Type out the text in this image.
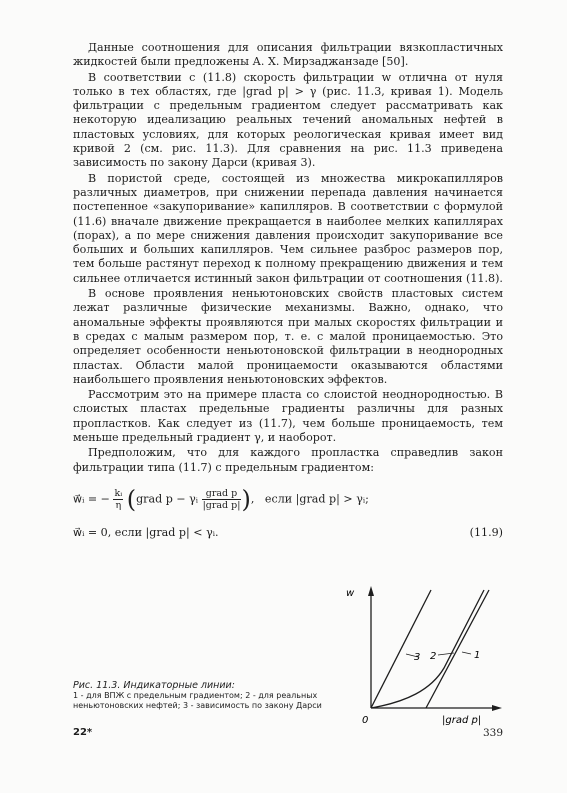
Данные соотношения для описания фильтрации вязкопластичных жидкостей были предложены А. Х. Мирзаджанзаде [50].

В соответствии с (11.8) скорость фильтрации w отлична от нуля только в тех областях, где |grad p| > γ (рис. 11.3, кривая 1). Модель фильтрации с предельным градиентом следует рассматривать как некоторую идеализацию реальных течений аномальных нефтей в пластовых условиях, для которых реологическая кривая имеет вид кривой 2 (см. рис. 11.3). Для сравнения на рис. 11.3 приведена зависимость по закону Дарси (кривая 3).

В пористой среде, состоящей из множества микрокапилляров различных диаметров, при снижении перепада давления начинается постепенное «закупоривание» капилляров. В соответствии с формулой (11.6) вначале движение прекращается в наиболее мелких капиллярах (порах), а по мере снижения давления происходит закупоривание все больших и больших капилляров. Чем сильнее разброс размеров пор, тем больше растянут переход к полному прекращению движения и тем сильнее отличается истинный закон фильтрации от соотношения (11.8).

В основе проявления неньютоновских свойств пластовых систем лежат различные физические механизмы. Важно, однако, что аномальные эффекты проявляются при малых скоростях фильтрации и в средах с малым размером пор, т. е. с малой проницаемостью. Это определяет особенности неньютоновской фильтрации в неоднородных пластах. Области малой проницаемости оказываются областями наибольшего проявления неньютоновских эффектов.

Рассмотрим это на примере пласта со слоистой неоднородностью. В слоистых пластах предельные градиенты различны для разных пропластков. Как следует из (11.7), чем больше проницаемость, тем меньше предельный градиент γ, и наоборот.

Предположим, что для каждого пропластка справедлив закон фильтрации типа (11.7) с предельным градиентом:

w⃗ᵢ = − $\frac{\text{kᵢ}}{\eta}$ (grad p − γᵢ $\frac{\text{grad p}}{\text{|grad p|}}$ ),   если |grad p| > γᵢ;
w⃗ᵢ = 0, если |grad p| < γᵢ.	(11.9)
w
|grad p|
0
3 2	1
Рис. 11.3. Индикаторные линии:
1 - для ВПЖ с предельным градиентом; 2 - для реальных неньютоновских нефтей; 3 - зависимость по закону Дарси
22*	339
